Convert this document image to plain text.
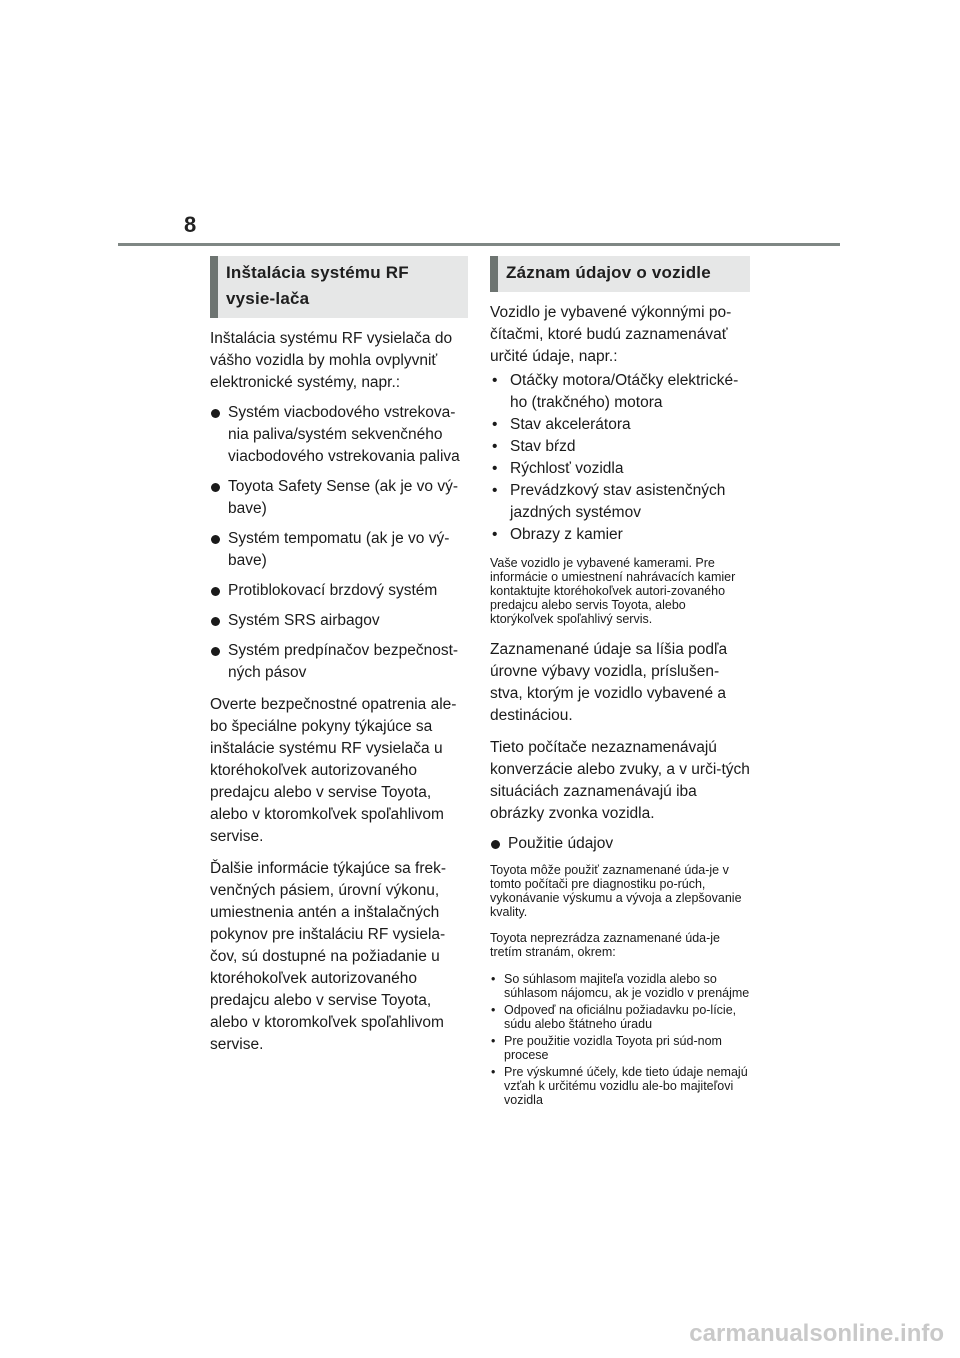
8
Inštalácia systému RF vysie-lača

Inštalácia systému RF vysielača do vášho vozidla by mohla ovplyvniť elektronické systémy, napr.:

Systém viacbodového vstrekova-nia paliva/systém sekvenčného viacbodového vstrekovania paliva
Toyota Safety Sense (ak je vo vý-bave)
Systém tempomatu (ak je vo vý-bave)
Protiblokovací brzdový systém
Systém SRS airbagov
Systém predpínačov bezpečnost-ných pásov

Overte bezpečnostné opatrenia ale-bo špeciálne pokyny týkajúce sa inštalácie systému RF vysielača u ktoréhokoľvek autorizovaného predajcu alebo v servise Toyota, alebo v ktoromkoľvek spoľahlivom servise.

Ďalšie informácie týkajúce sa frek-venčných pásiem, úrovní výkonu, umiestnenia antén a inštalačných pokynov pre inštaláciu RF vysiela-čov, sú dostupné na požiadanie u ktoréhokoľvek autorizovaného predajcu alebo v servise Toyota, alebo v ktoromkoľvek spoľahlivom servise.

Záznam údajov o vozidle

Vozidlo je vybavené výkonnými po-čítačmi, ktoré budú zaznamenávať určité údaje, napr.:

• Otáčky motora/Otáčky elektrické-ho (trakčného) motora
• Stav akcelerátora
• Stav bŕzd
• Rýchlosť vozidla
• Prevádzkový stav asistenčných jazdných systémov
• Obrazy z kamier

Vaše vozidlo je vybavené kamerami. Pre informácie o umiestnení nahrávacích kamier kontaktujte ktoréhokoľvek autori-zovaného predajcu alebo servis Toyota, alebo ktorýkoľvek spoľahlivý servis.

Zaznamenané údaje sa líšia podľa úrovne výbavy vozidla, príslušen-stva, ktorým je vozidlo vybavené a destináciou.

Tieto počítače nezaznamenávajú konverzácie alebo zvuky, a v urči-tých situáciách zaznamenávajú iba obrázky zvonka vozidla.

Použitie údajov

Toyota môže použiť zaznamenané úda-je v tomto počítači pre diagnostiku po-rúch, vykonávanie výskumu a vývoja a zlepšovanie kvality.

Toyota neprezrádza zaznamenané úda-je tretím stranám, okrem:

• So súhlasom majiteľa vozidla alebo so súhlasom nájomcu, ak je vozidlo v prenájme
• Odpoveď na oficiálnu požiadavku po-lície, súdu alebo štátneho úradu
• Pre použitie vozidla Toyota pri súd-nom procese
• Pre výskumné účely, kde tieto údaje nemajú vzťah k určitému vozidlu ale-bo majiteľovi vozidla
carmanualsonline.info
